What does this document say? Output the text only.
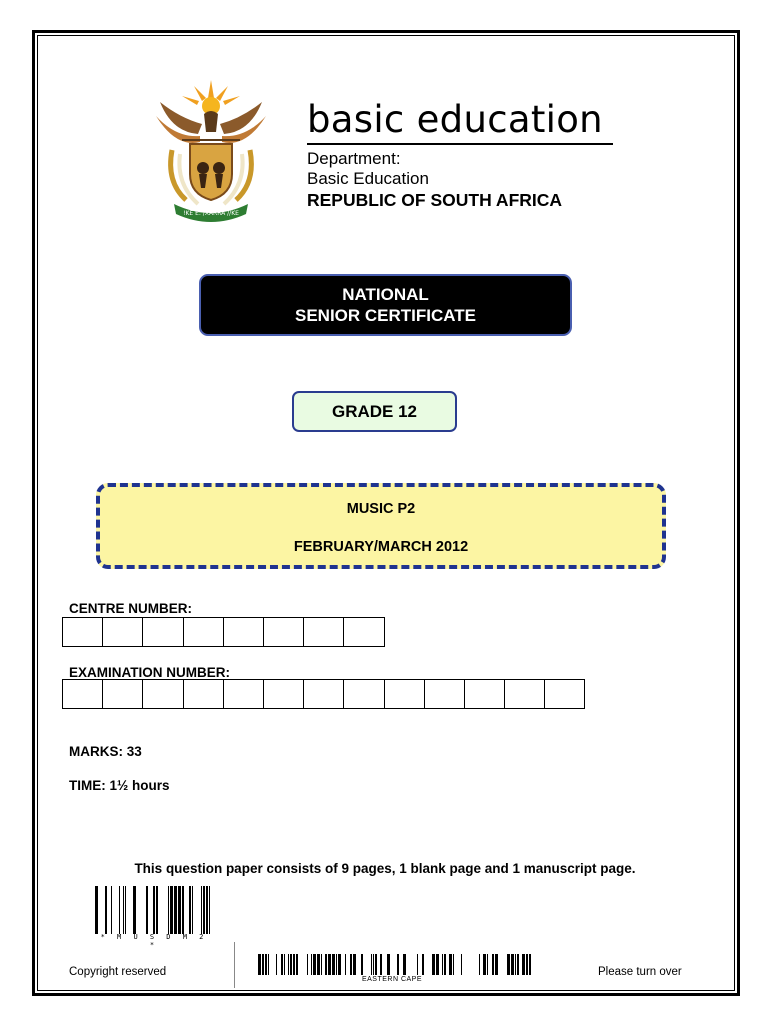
!KE E: /XARRA //KE
basic education
Department:
Basic Education
REPUBLIC OF SOUTH AFRICA
NATIONAL
SENIOR CERTIFICATE
GRADE 12
MUSIC P2
FEBRUARY/MARCH 2012
CENTRE NUMBER:
EXAMINATION NUMBER:
MARKS: 33
TIME: 1½ hours
This question paper consists of 9 pages, 1 blank page and 1 manuscript page.
* M U S D M 2 *
Copyright reserved
EASTERN CAPE
Please turn over
